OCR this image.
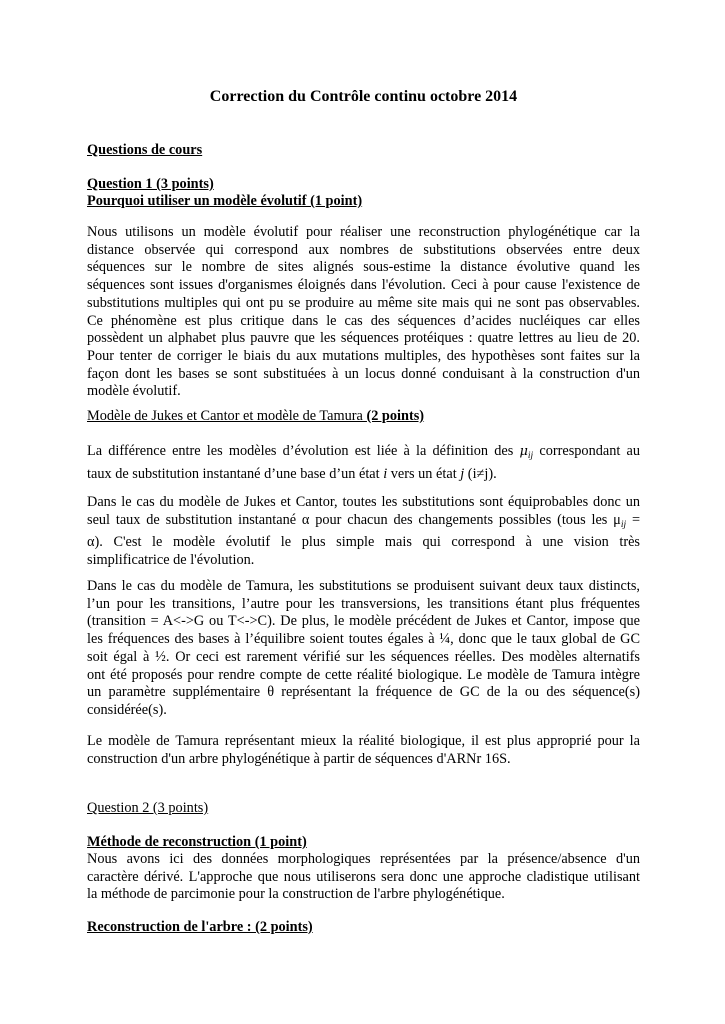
Correction du Contrôle continu octobre 2014
Questions de cours
Question 1 (3 points)
Pourquoi utiliser un modèle évolutif (1 point)
Nous utilisons un modèle évolutif pour réaliser une reconstruction phylogénétique car la
distance observée qui correspond aux nombres de substitutions observées entre deux
séquences sur le nombre de sites alignés sous-estime la distance évolutive quand les
séquences sont issues d'organismes éloignés dans l'évolution. Ceci à pour cause l'existence de
substitutions multiples qui ont pu se produire au même site mais qui ne sont pas observables.
Ce phénomène est plus critique dans le cas des séquences d’acides nucléiques car elles
possèdent un alphabet plus pauvre que les séquences protéiques : quatre lettres au lieu de 20.
Pour tenter de corriger le biais du aux mutations multiples, des hypothèses sont faites sur la
façon dont les bases se sont substituées à un locus donné conduisant à la construction d'un
modèle évolutif.
Modèle de Jukes et Cantor et modèle de Tamura (2 points)
La différence entre les modèles d’évolution est liée à la définition des $\mu_{ij}$ correspondant au
taux de substitution instantané d’une base d’un état i vers un état j (i≠j).
Dans le cas du modèle de Jukes et Cantor, toutes les substitutions sont équiprobables donc un
seul taux de substitution instantané α pour chacun des changements possibles (tous les $\mu_{ij}$ =
α). C'est le modèle évolutif le plus simple mais qui correspond à une vision très
simplificatrice de l'évolution.
Dans le cas du modèle de Tamura, les substitutions se produisent suivant deux taux distincts,
l’un pour les transitions, l’autre pour les transversions, les transitions étant plus fréquentes
(transition = A<->G ou T<->C). De plus, le modèle précédent de Jukes et Cantor, impose que
les fréquences des bases à l’équilibre soient toutes égales à ¼, donc que le taux global de GC
soit égal à ½. Or ceci est rarement vérifié sur les séquences réelles. Des modèles alternatifs
ont été proposés pour rendre compte de cette réalité biologique. Le modèle de Tamura intègre
un paramètre supplémentaire θ représentant la fréquence de GC de la ou des séquence(s)
considérée(s).
Le modèle de Tamura représentant mieux la réalité biologique, il est plus approprié pour la
construction d'un arbre phylogénétique à partir de séquences d'ARNr 16S.
Question 2 (3 points)
Méthode de reconstruction (1 point)
Nous avons ici des données morphologiques représentées par la présence/absence d'un
caractère dérivé. L'approche que nous utiliserons sera donc une approche cladistique utilisant
la méthode de parcimonie pour la construction de l'arbre phylogénétique.
Reconstruction de l'arbre : (2 points)
